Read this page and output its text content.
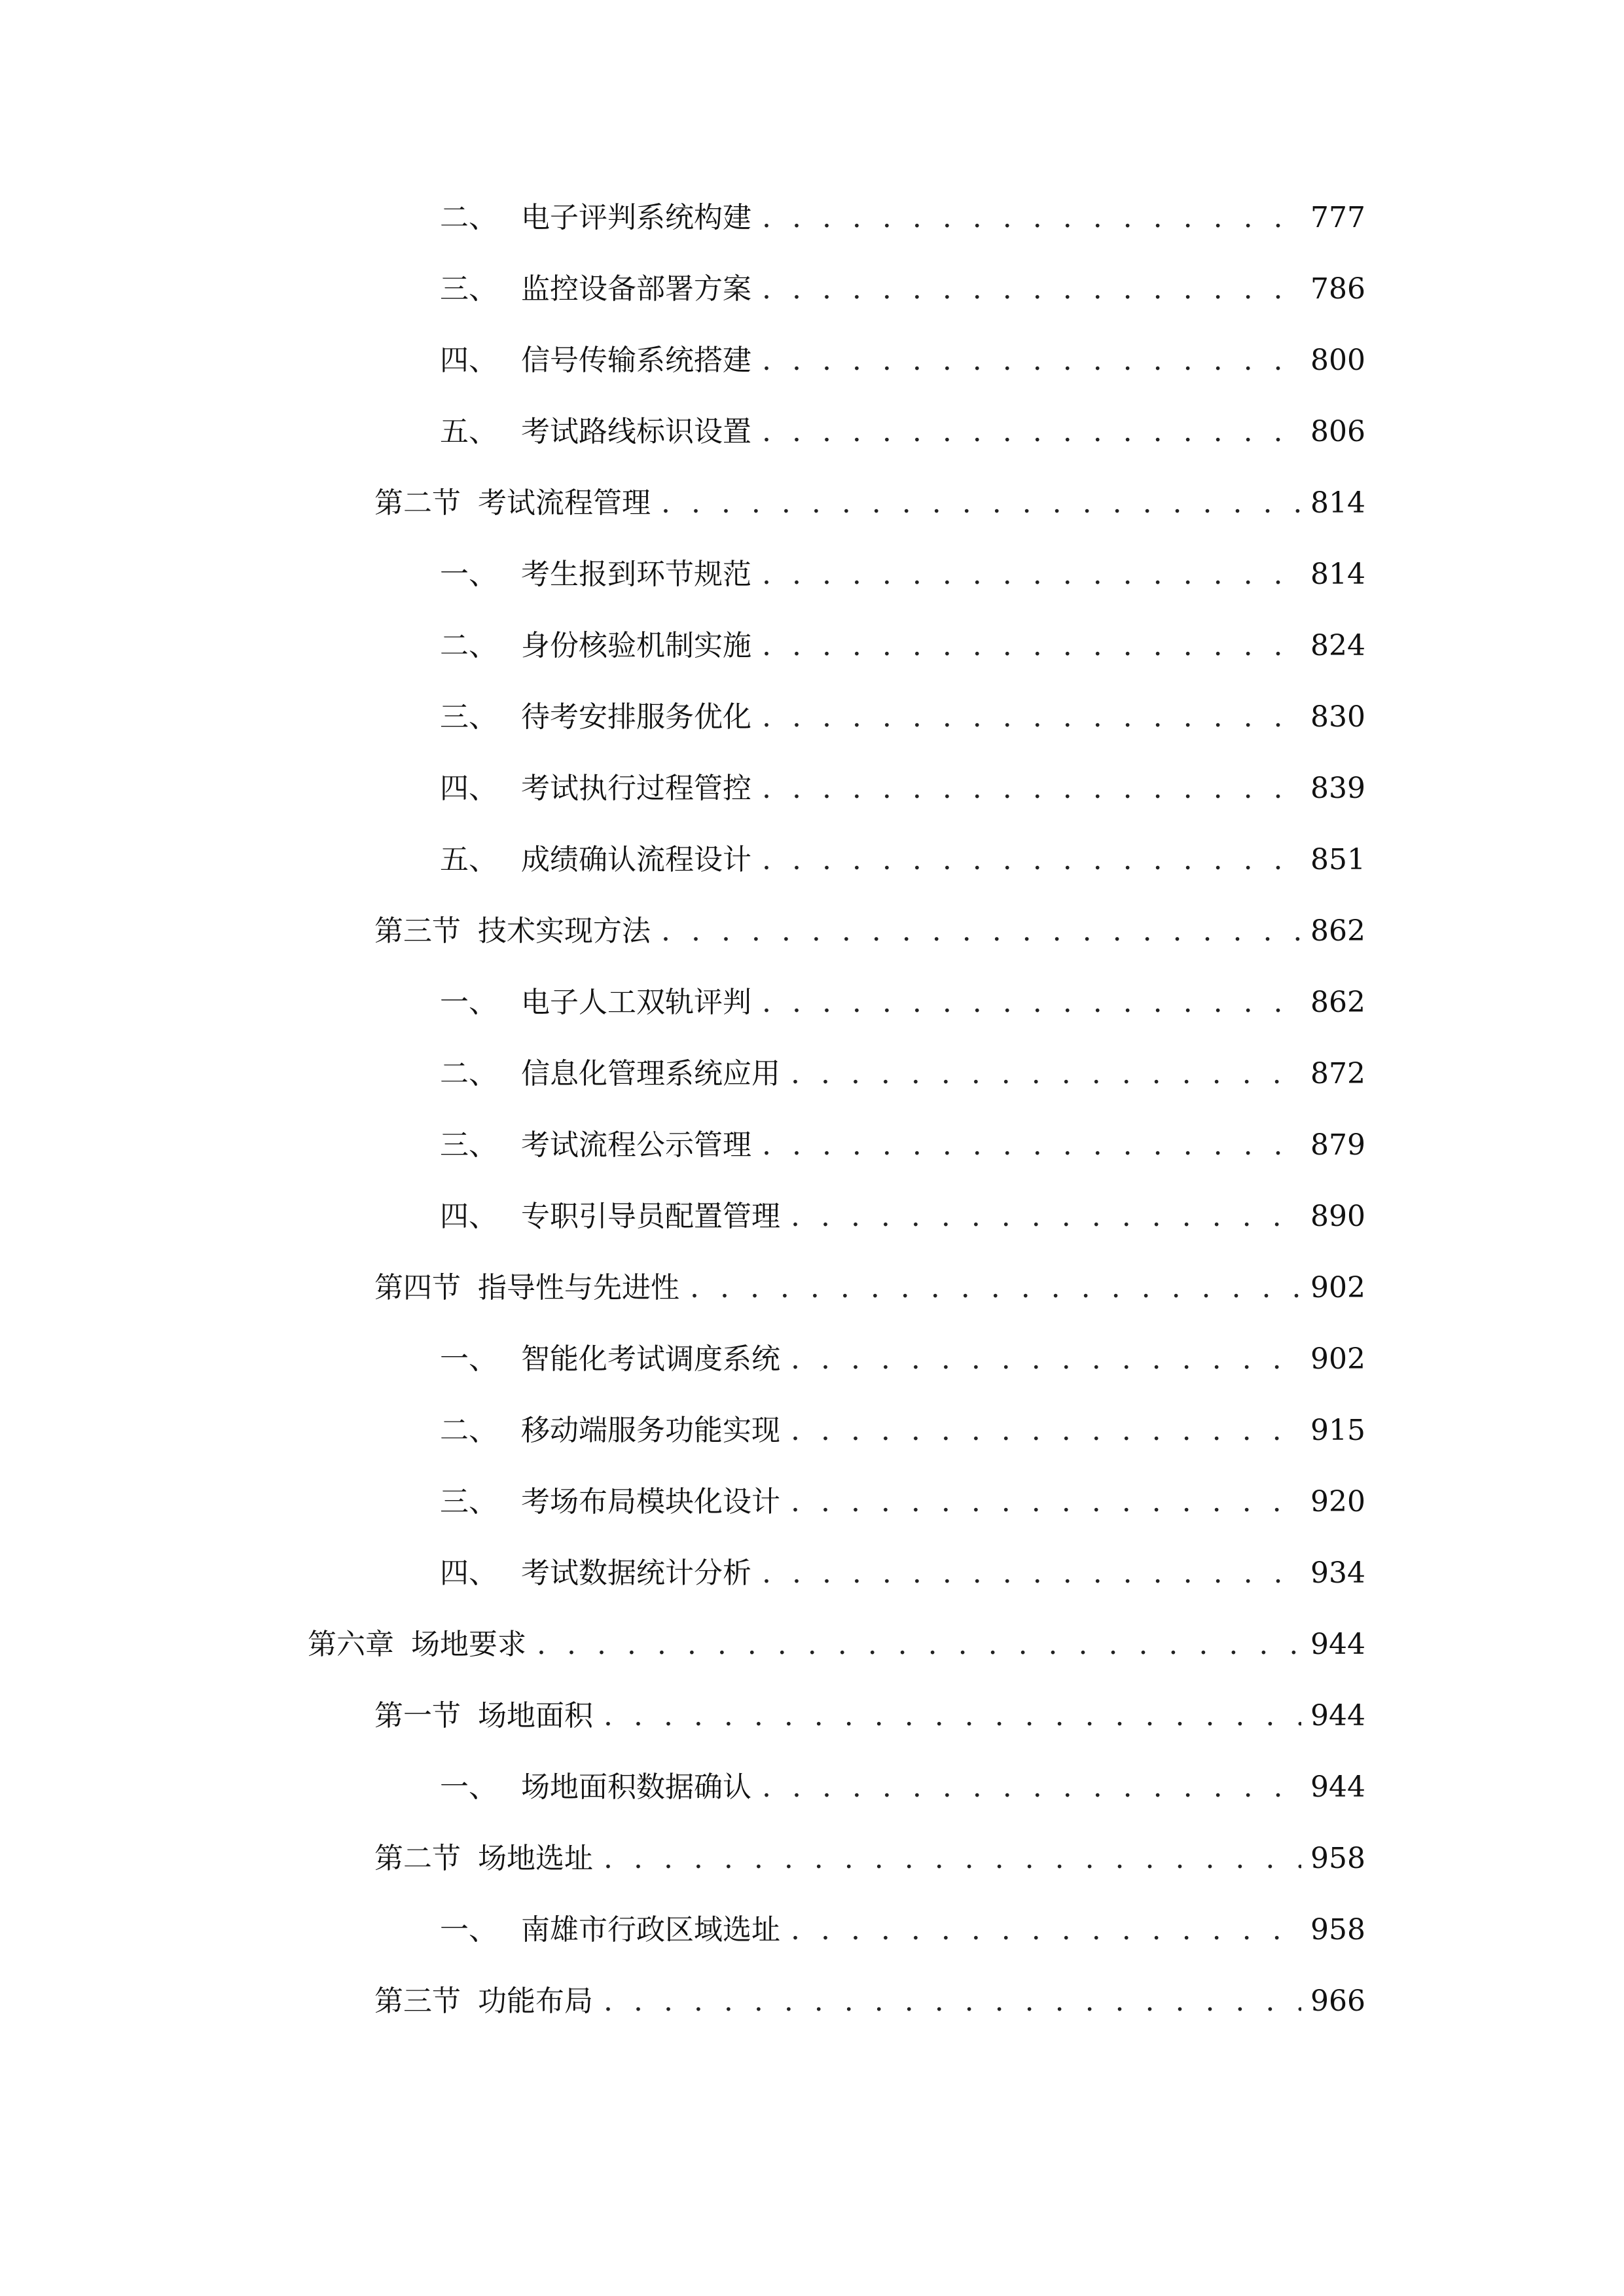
二、 电子评判系统构建 . . .	777
三、 监控设备部署方案 . . .	786
四、 信号传输系统搭建 . . .	800
五、 考试路线标识设置 . . .	806
第二节 考试流程管理 . . .	814
一、 考生报到环节规范 . . .	814
二、 身份核验机制实施 . . .	824
三、 待考安排服务优化 . . .	830
四、 考试执行过程管控 . . .	839
五、 成绩确认流程设计 . . .	851
第三节 技术实现方法 . . .	862
一、 电子人工双轨评判 . . .	862
二、 信息化管理系统应用 . . .	872
三、 考试流程公示管理 . . .	879
四、 专职引导员配置管理 . . .	890
第四节 指导性与先进性 . . .	902
一、 智能化考试调度系统 . . .	902
二、 移动端服务功能实现 . . .	915
三、 考场布局模块化设计 . . .	920
四、 考试数据统计分析 . . .	934
第六章 场地要求 . . .	944
第一节 场地面积 . . .	944
一、 场地面积数据确认 . . .	944
第二节 场地选址 . . .	958
一、 南雄市行政区域选址 . . .	958
第三节 功能布局 . . .	966
